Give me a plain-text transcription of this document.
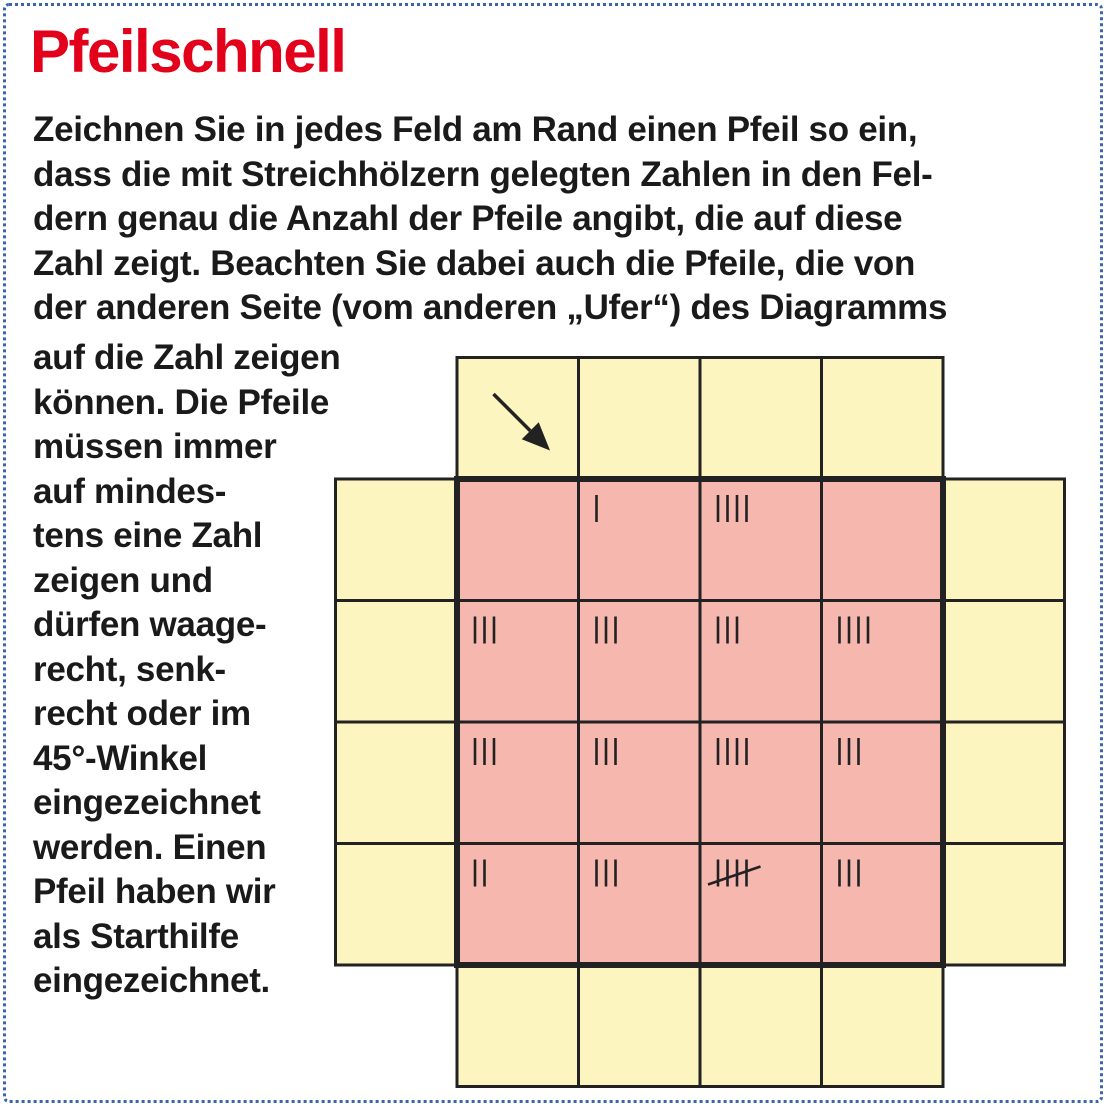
Pfeilschnell

Zeichnen Sie in jedes Feld am Rand einen Pfeil so ein,
dass die mit Streichhölzern gelegten Zahlen in den Fel-
dern genau die Anzahl der Pfeile angibt, die auf diese
Zahl zeigt. Beachten Sie dabei auch die Pfeile, die von
der anderen Seite (vom anderen „Ufer“) des Diagramms

auf die Zahl zeigen
können. Die Pfeile
müssen immer
auf mindes-
tens eine Zahl
zeigen und
dürfen waage-
recht, senk-
recht oder im
45°-Winkel
eingezeichnet
werden. Einen
Pfeil haben wir
als Starthilfe
eingezeichnet.
